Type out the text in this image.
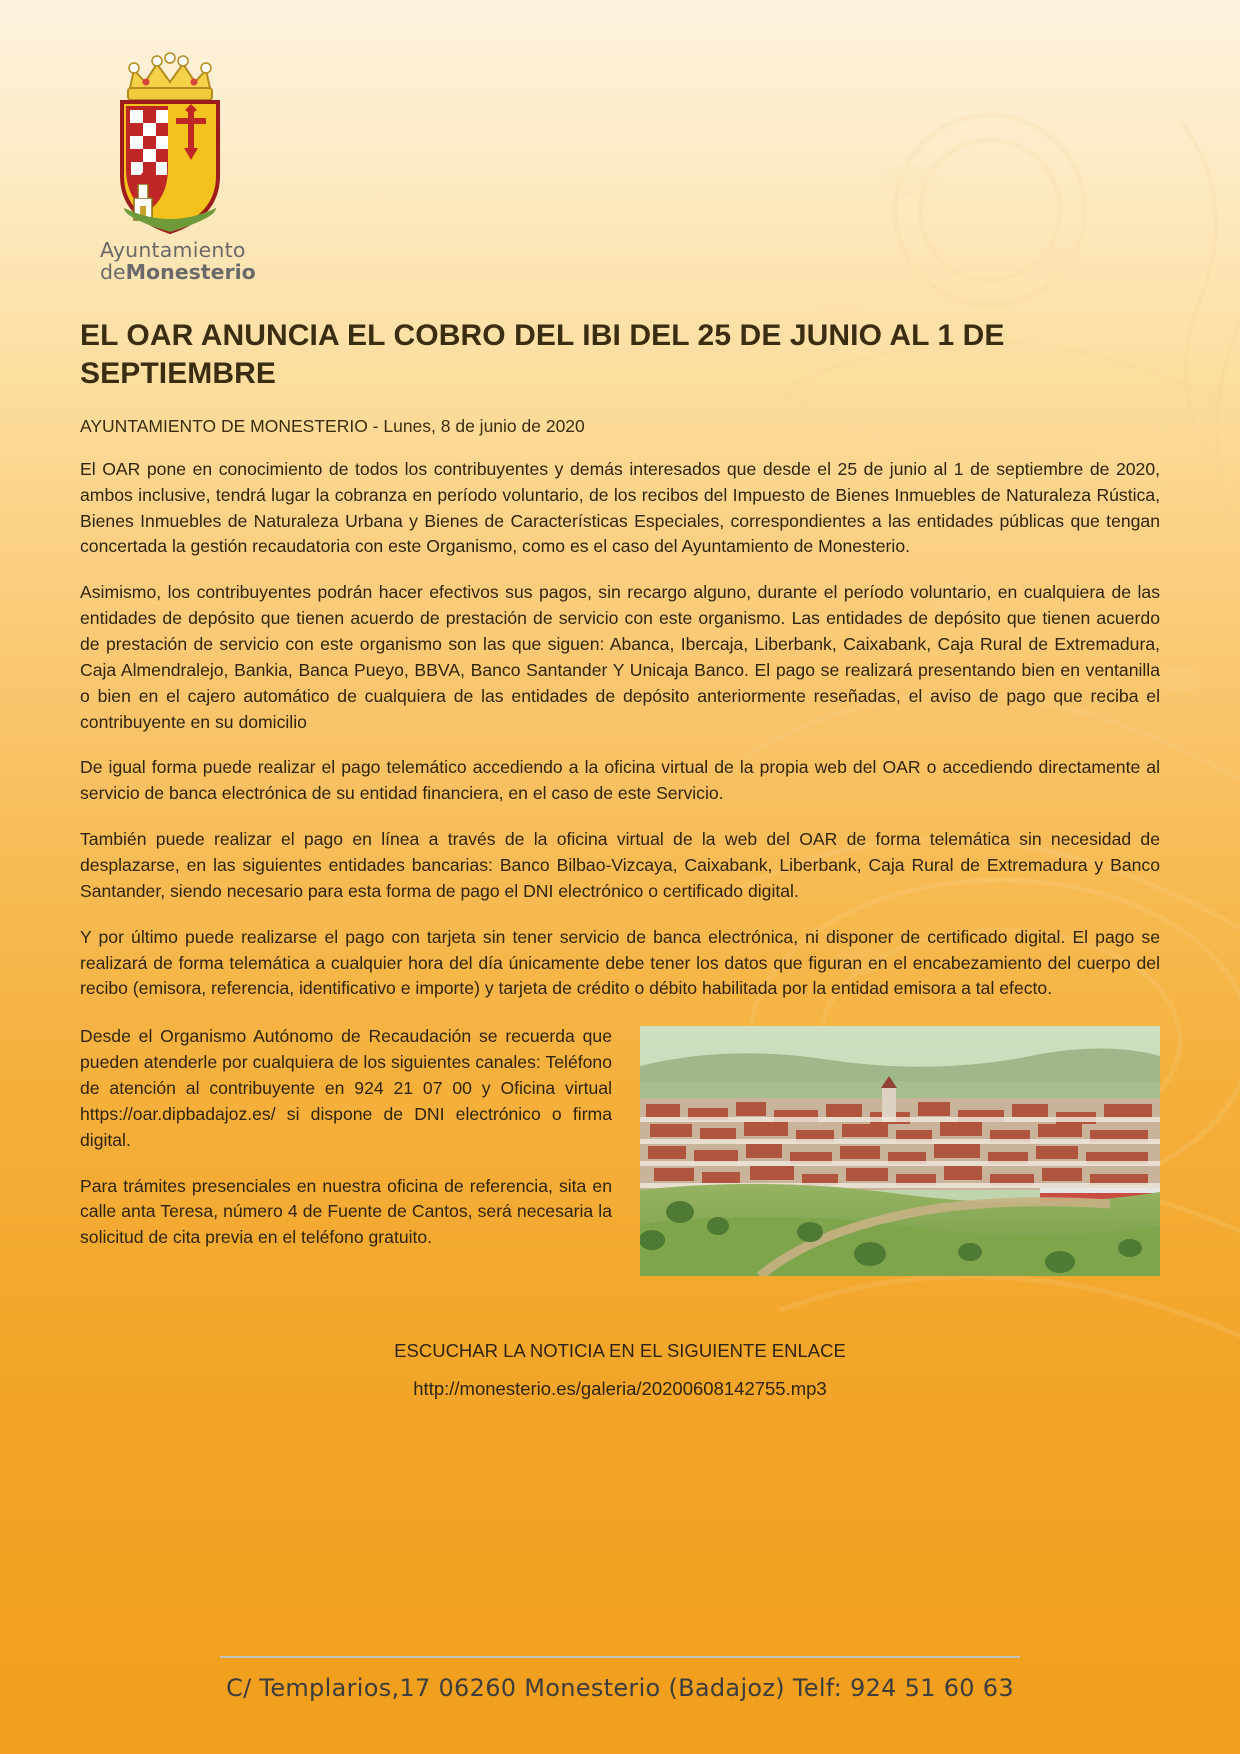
Ayuntamiento
deMonesterio
EL OAR ANUNCIA EL COBRO DEL IBI DEL 25 DE JUNIO AL 1 DE SEPTIEMBRE
AYUNTAMIENTO DE MONESTERIO - Lunes, 8 de junio de 2020

El OAR pone en conocimiento de todos los contribuyentes y demás interesados que desde el 25 de junio al 1 de septiembre de 2020, ambos inclusive, tendrá lugar la cobranza en período voluntario, de los recibos del Impuesto de Bienes Inmuebles de Naturaleza Rústica, Bienes Inmuebles de Naturaleza Urbana y Bienes de Características Especiales, correspondientes a las entidades públicas que tengan concertada la gestión recaudatoria con este Organismo, como es el caso del Ayuntamiento de Monesterio.

Asimismo, los contribuyentes podrán hacer efectivos sus pagos, sin recargo alguno, durante el período voluntario, en cualquiera de las entidades de depósito que tienen acuerdo de prestación de servicio con este organismo. Las entidades de depósito que tienen acuerdo de prestación de servicio con este organismo son las que siguen: Abanca, Ibercaja, Liberbank, Caixabank, Caja Rural de Extremadura, Caja Almendralejo, Bankia, Banca Pueyo, BBVA, Banco Santander Y Unicaja Banco. El pago se realizará presentando bien en ventanilla o bien en el cajero automático de cualquiera de las entidades de depósito anteriormente reseñadas, el aviso de pago que reciba el contribuyente en su domicilio

De igual forma puede realizar el pago telemático accediendo a la oficina virtual de la propia web del OAR o accediendo directamente al servicio de banca electrónica de su entidad financiera, en el caso de este Servicio.

También puede realizar el pago en línea a través de la oficina virtual de la web del OAR de forma telemática sin necesidad de desplazarse, en las siguientes entidades bancarias: Banco Bilbao-Vizcaya, Caixabank, Liberbank, Caja Rural de Extremadura y Banco Santander, siendo necesario para esta forma de pago el DNI electrónico o certificado digital.

Y por último puede realizarse el pago con tarjeta sin tener servicio de banca electrónica, ni disponer de certificado digital. El pago se realizará de forma telemática a cualquier hora del día únicamente debe tener los datos que figuran en el encabezamiento del cuerpo del recibo (emisora, referencia, identificativo e importe) y tarjeta de crédito o débito habilitada por la entidad emisora a tal efecto.

Desde el Organismo Autónomo de Recaudación se recuerda que pueden atenderle por cualquiera de los siguientes canales: Teléfono de atención al contribuyente en 924 21 07 00 y Oficina virtual https://oar.dipbadajoz.es/ si dispone de DNI electrónico o firma digital.

Para trámites presenciales en nuestra oficina de referencia, sita en calle anta Teresa, número 4 de Fuente de Cantos, será necesaria la solicitud de cita previa en el teléfono gratuito.

ESCUCHAR LA NOTICIA EN EL SIGUIENTE ENLACE
http://monesterio.es/galeria/20200608142755.mp3
C/ Templarios,17 06260 Monesterio (Badajoz) Telf: 924 51 60 63
